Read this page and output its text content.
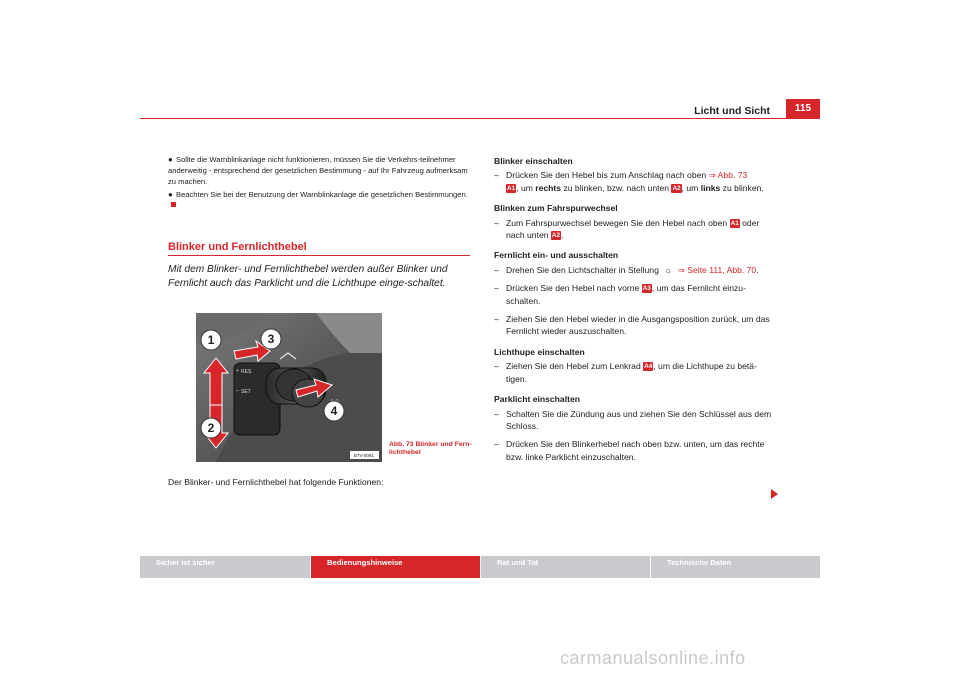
Licht und Sicht	115
● Sollte die Warnblinkanlage nicht funktionieren, müssen Sie die Verkehrs-teilnehmer anderweitig - entsprechend der gesetzlichen Bestimmung - auf Ihr Fahrzeug aufmerksam zu machen.
● Beachten Sie bei der Benutzung der Warnblinkanlage die gesetzlichen Bestimmungen.
Blinker und Fernlichthebel
Mit dem Blinker- und Fernlichthebel werden außer Blinker und Fernlicht auch das Parklicht und die Lichthupe einge-schaltet.
RES
SET
+
–
1
2
3
4
B7V-0061
Abb. 73 Blinker und Fern-lichthebel
Der Blinker- und Fernlichthebel hat folgende Funktionen:
Blinker einschalten
– Drücken Sie den Hebel bis zum Anschlag nach oben ⇒ Abb. 73
A1, um rechts zu blinken, bzw. nach unten A2, um links zu blinken.
Blinken zum Fahrspurwechsel
– Zum Fahrspurwechsel bewegen Sie den Hebel nach oben A1 oder nach unten A2.
Fernlicht ein- und ausschalten
– Drehen Sie den Lichtschalter in Stellung ☼ ⇒ Seite 111, Abb. 70.
– Drücken Sie den Hebel nach vorne A3, um das Fernlicht einzu-schalten.
– Ziehen Sie den Hebel wieder in die Ausgangsposition zurück, um das Fernlicht wieder auszuschalten.
Lichthupe einschalten
– Ziehen Sie den Hebel zum Lenkrad A4, um die Lichthupe zu betä-tigen.
Parklicht einschalten
– Schalten Sie die Zündung aus und ziehen Sie den Schlüssel aus dem Schloss.
– Drücken Sie den Blinkerhebel nach oben bzw. unten, um das rechte bzw. linke Parklicht einzuschalten.
Sicher ist sicher	Bedienungshinweise	Rat und Tat	Technische Daten
carmanualsonline.info
